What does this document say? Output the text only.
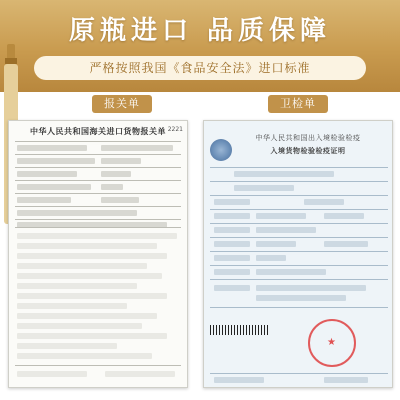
原瓶进口 品质保障
严格按照我国《食品安全法》进口标准
报关单	卫检单
中华人民共和国海关进口货物报关单 2221
中华人民共和国出入境检验检疫
入境货物检验检疫证明
★
